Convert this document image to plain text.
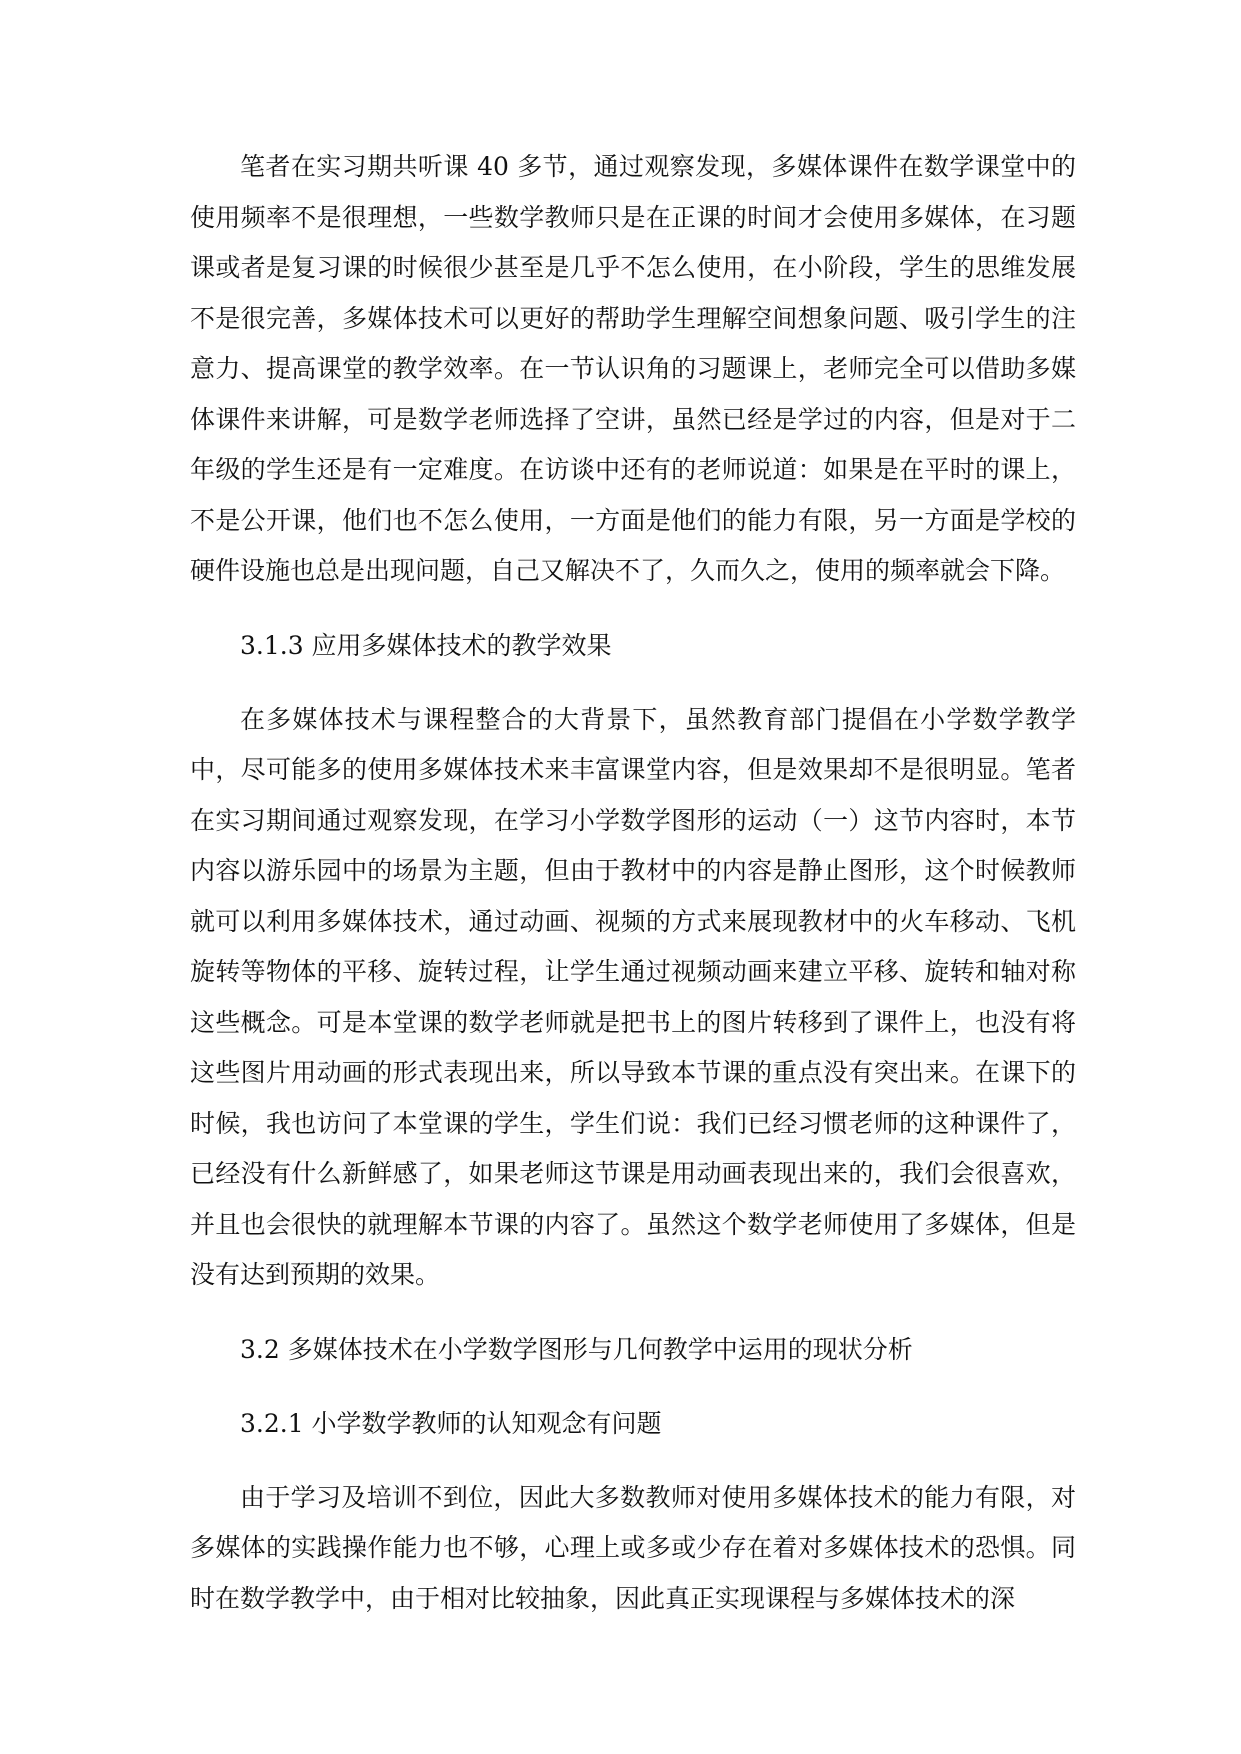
笔者在实习期共听课 40 多节，通过观察发现，多媒体课件在数学课堂中的使用频率不是很理想，一些数学教师只是在正课的时间才会使用多媒体，在习题课或者是复习课的时候很少甚至是几乎不怎么使用，在小阶段，学生的思维发展不是很完善，多媒体技术可以更好的帮助学生理解空间想象问题、吸引学生的注意力、提高课堂的教学效率。在一节认识角的习题课上，老师完全可以借助多媒体课件来讲解，可是数学老师选择了空讲，虽然已经是学过的内容，但是对于二年级的学生还是有一定难度。在访谈中还有的老师说道：如果是在平时的课上，不是公开课，他们也不怎么使用，一方面是他们的能力有限，另一方面是学校的硬件设施也总是出现问题，自己又解决不了，久而久之，使用的频率就会下降。

3.1.3 应用多媒体技术的教学效果

在多媒体技术与课程整合的大背景下，虽然教育部门提倡在小学数学教学中，尽可能多的使用多媒体技术来丰富课堂内容，但是效果却不是很明显。笔者在实习期间通过观察发现，在学习小学数学图形的运动（一）这节内容时，本节内容以游乐园中的场景为主题，但由于教材中的内容是静止图形，这个时候教师就可以利用多媒体技术，通过动画、视频的方式来展现教材中的火车移动、飞机旋转等物体的平移、旋转过程，让学生通过视频动画来建立平移、旋转和轴对称这些概念。可是本堂课的数学老师就是把书上的图片转移到了课件上，也没有将这些图片用动画的形式表现出来，所以导致本节课的重点没有突出来。在课下的时候，我也访问了本堂课的学生，学生们说：我们已经习惯老师的这种课件了，已经没有什么新鲜感了，如果老师这节课是用动画表现出来的，我们会很喜欢，并且也会很快的就理解本节课的内容了。虽然这个数学老师使用了多媒体，但是没有达到预期的效果。

3.2 多媒体技术在小学数学图形与几何教学中运用的现状分析

3.2.1 小学数学教师的认知观念有问题

由于学习及培训不到位，因此大多数教师对使用多媒体技术的能力有限，对多媒体的实践操作能力也不够，心理上或多或少存在着对多媒体技术的恐惧。同时在数学教学中，由于相对比较抽象，因此真正实现课程与多媒体技术的深
